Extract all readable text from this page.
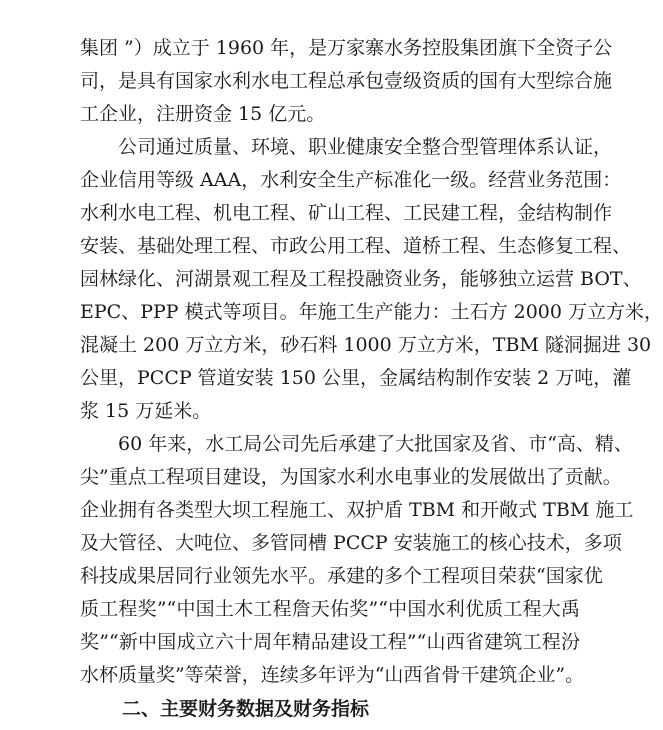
集团 ”）成立于 1960 年，是万家寨水务控股集团旗下全资子公
司，是具有国家水利水电工程总承包壹级资质的国有大型综合施
工企业，注册资金 15 亿元。
公司通过质量、环境、职业健康安全整合型管理体系认证，
企业信用等级 AAA，水利安全生产标准化一级。经营业务范围：
水利水电工程、机电工程、矿山工程、工民建工程，金结构制作
安装、基础处理工程、市政公用工程、道桥工程、生态修复工程、
园林绿化、河湖景观工程及工程投融资业务，能够独立运营 BOT、
EPC、PPP 模式等项目。年施工生产能力：土石方 2000 万立方米，
混凝土 200 万立方米，砂石料 1000 万立方米，TBM 隧洞掘进 30
公里，PCCP 管道安装 150 公里，金属结构制作安装 2 万吨，灌
浆 15 万延米。
60 年来，水工局公司先后承建了大批国家及省、市“高、精、
尖”重点工程项目建设，为国家水利水电事业的发展做出了贡献。
企业拥有各类型大坝工程施工、双护盾 TBM 和开敞式 TBM 施工
及大管径、大吨位、多管同槽 PCCP 安装施工的核心技术，多项
科技成果居同行业领先水平。承建的多个工程项目荣获“国家优
质工程奖”“中国土木工程詹天佑奖”“中国水利优质工程大禹
奖”“新中国成立六十周年精品建设工程”“山西省建筑工程汾
水杯质量奖”等荣誉，连续多年评为“山西省骨干建筑企业”。
二、主要财务数据及财务指标
